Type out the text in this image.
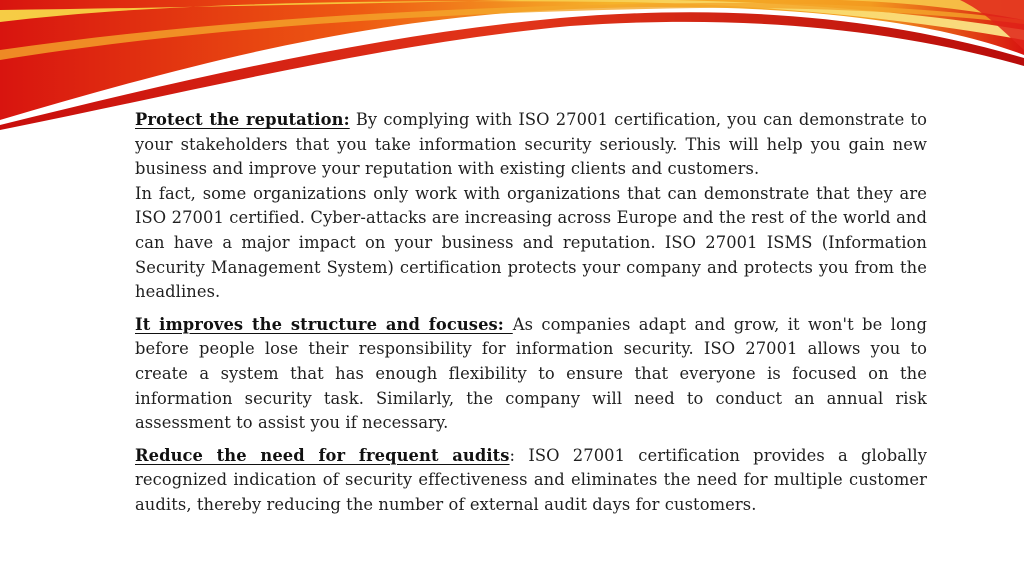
Protect the reputation: By complying with ISO 27001 certification, you can demonstrate to your stakeholders that you take information security seriously. This will help you gain new business and improve your reputation with existing clients and customers.

In fact, some organizations only work with organizations that can demonstrate that they are ISO 27001 certified. Cyber-attacks are increasing across Europe and the rest of the world and can have a major impact on your business and reputation. ISO 27001 ISMS (Information Security Management System) certification protects your company and protects you from the headlines.

It improves the structure and focuses: As companies adapt and grow, it won't be long before people lose their responsibility for information security. ISO 27001 allows you to create a system that has enough flexibility to ensure that everyone is focused on the information security task. Similarly, the company will need to conduct an annual risk assessment to assist you if necessary.

Reduce the need for frequent audits: ISO 27001 certification provides a globally recognized indication of security effectiveness and eliminates the need for multiple customer audits, thereby reducing the number of external audit days for customers.
